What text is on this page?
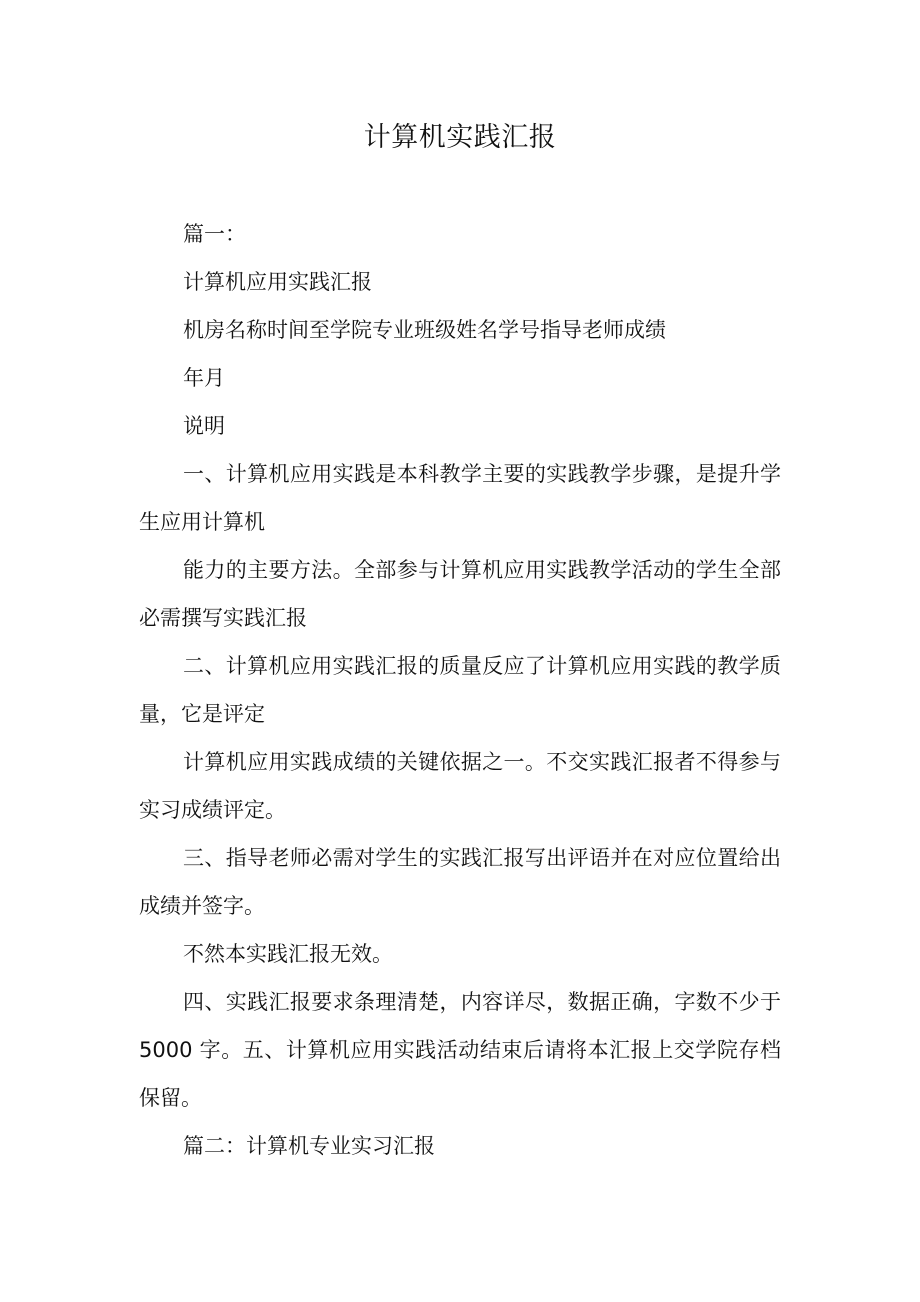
计算机实践汇报

篇一：

计算机应用实践汇报

机房名称时间至学院专业班级姓名学号指导老师成绩

年月

说明

一、计算机应用实践是本科教学主要的实践教学步骤，是提升学生应用计算机

能力的主要方法。全部参与计算机应用实践教学活动的学生全部必需撰写实践汇报

二、计算机应用实践汇报的质量反应了计算机应用实践的教学质量，它是评定

计算机应用实践成绩的关键依据之一。不交实践汇报者不得参与实习成绩评定。

三、指导老师必需对学生的实践汇报写出评语并在对应位置给出成绩并签字。

不然本实践汇报无效。

四、实践汇报要求条理清楚，内容详尽，数据正确，字数不少于5000 字。五、计算机应用实践活动结束后请将本汇报上交学院存档保留。

篇二：计算机专业实习汇报
